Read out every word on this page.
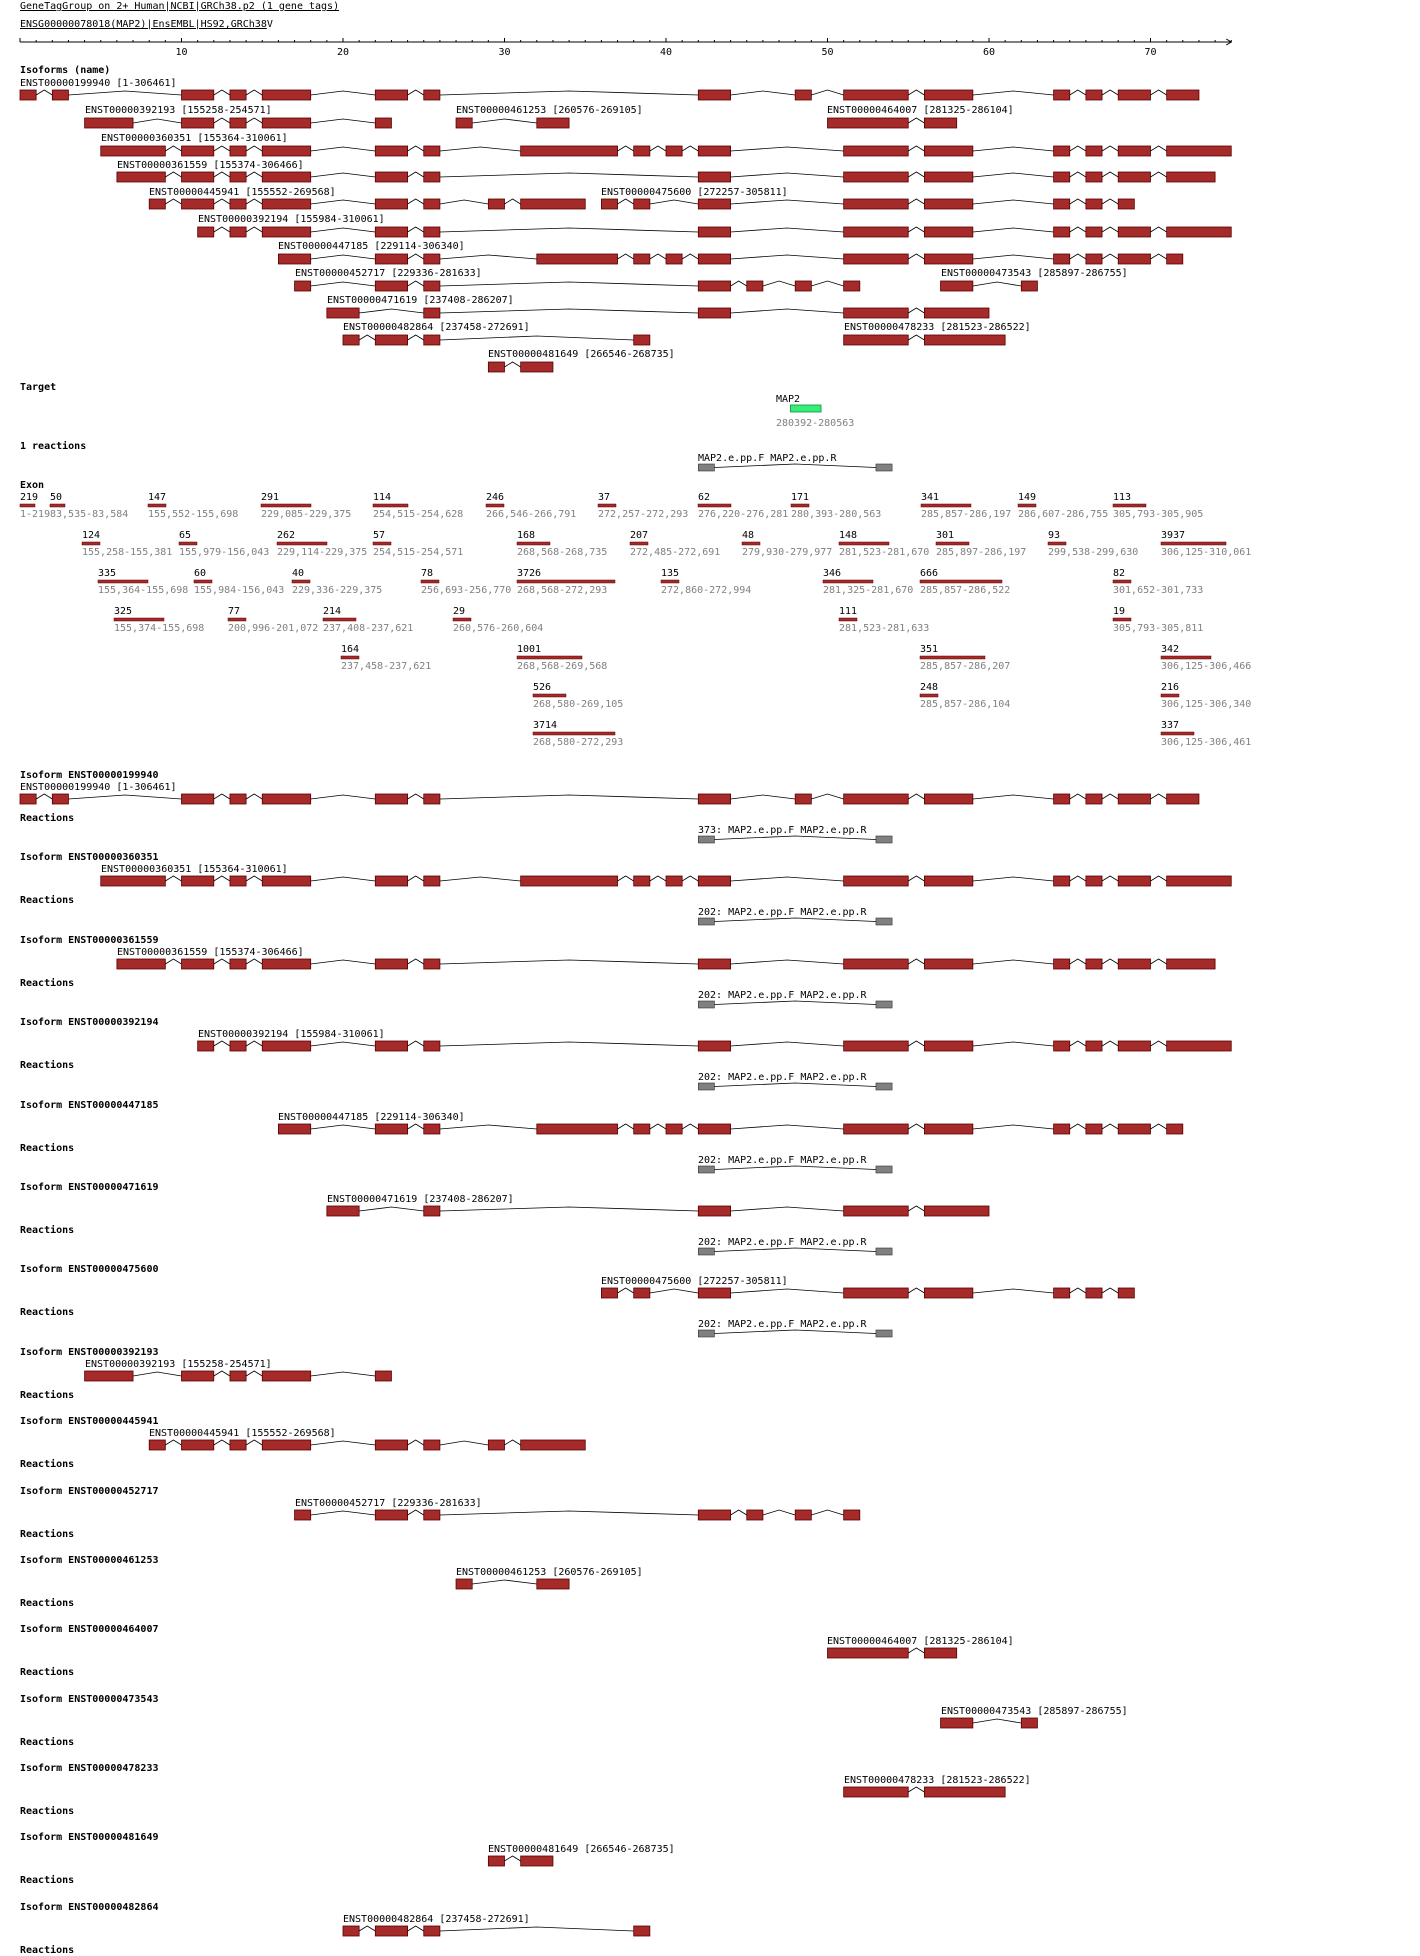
GeneTagGroup on 2+ Human|NCBI|GRCh38.p2 (1 gene tags)
ENSG00000078018(MAP2)|EnsEMBL|HS92,GRCh38V
Isoforms (name)
Target
1 reactions
Exon
MAP2
280392-280563
MAP2.e.pp.F MAP2.e.pp.R
10	20	30	40	50	60	70
ENST00000199940 [1-306461]
ENST00000392193 [155258-254571]	ENST00000461253 [260576-269105]	ENST00000464007 [281325-286104]
ENST00000360351 [155364-310061]
ENST00000361559 [155374-306466]
ENST00000445941 [155552-269568]	ENST00000475600 [272257-305811]
ENST00000392194 [155984-310061]
ENST00000447185 [229114-306340]
ENST00000452717 [229336-281633]	ENST00000473543 [285897-286755]
ENST00000471619 [237408-286207]
ENST00000482864 [237458-272691]	ENST00000478233 [281523-286522]
ENST00000481649 [266546-268735]
219
1-219
50
83,535-83,584
147
155,552-155,698
291
229,085-229,375
114
254,515-254,628
246
266,546-266,791
37
272,257-272,293
62
276,220-276,281
171
280,393-280,563
341
285,857-286,197
149
286,607-286,755
113
305,793-305,905
124
155,258-155,381
65
155,979-156,043
262
229,114-229,375
57
254,515-254,571
168
268,568-268,735
207
272,485-272,691
48
279,930-279,977
148
281,523-281,670
301
285,897-286,197
93
299,538-299,630
3937
306,125-310,061
335
155,364-155,698
60
155,984-156,043
40
229,336-229,375
78
256,693-256,770
3726
268,568-272,293
135
272,860-272,994
346
281,325-281,670
666
285,857-286,522
82
301,652-301,733
325
155,374-155,698
77
200,996-201,072
214
237,408-237,621
29
260,576-260,604
111
281,523-281,633
19
305,793-305,811
164
237,458-237,621
1001
268,568-269,568
351
285,857-286,207
342
306,125-306,466
526
268,580-269,105
248
285,857-286,104
216
306,125-306,340
3714
268,580-272,293
337
306,125-306,461
Isoform ENST00000199940
ENST00000199940 [1-306461]
Reactions
373: MAP2.e.pp.F MAP2.e.pp.R
Isoform ENST00000360351
ENST00000360351 [155364-310061]
Reactions
202: MAP2.e.pp.F MAP2.e.pp.R
Isoform ENST00000361559
ENST00000361559 [155374-306466]
Reactions
202: MAP2.e.pp.F MAP2.e.pp.R
Isoform ENST00000392194
ENST00000392194 [155984-310061]
Reactions
202: MAP2.e.pp.F MAP2.e.pp.R
Isoform ENST00000447185
ENST00000447185 [229114-306340]
Reactions
202: MAP2.e.pp.F MAP2.e.pp.R
Isoform ENST00000471619
ENST00000471619 [237408-286207]
Reactions
202: MAP2.e.pp.F MAP2.e.pp.R
Isoform ENST00000475600
ENST00000475600 [272257-305811]
Reactions
202: MAP2.e.pp.F MAP2.e.pp.R
Isoform ENST00000392193
ENST00000392193 [155258-254571]
Reactions
Isoform ENST00000445941
ENST00000445941 [155552-269568]
Reactions
Isoform ENST00000452717
ENST00000452717 [229336-281633]
Reactions
Isoform ENST00000461253
ENST00000461253 [260576-269105]
Reactions
Isoform ENST00000464007
ENST00000464007 [281325-286104]
Reactions
Isoform ENST00000473543
ENST00000473543 [285897-286755]
Reactions
Isoform ENST00000478233
ENST00000478233 [281523-286522]
Reactions
Isoform ENST00000481649
ENST00000481649 [266546-268735]
Reactions
Isoform ENST00000482864
ENST00000482864 [237458-272691]
Reactions
